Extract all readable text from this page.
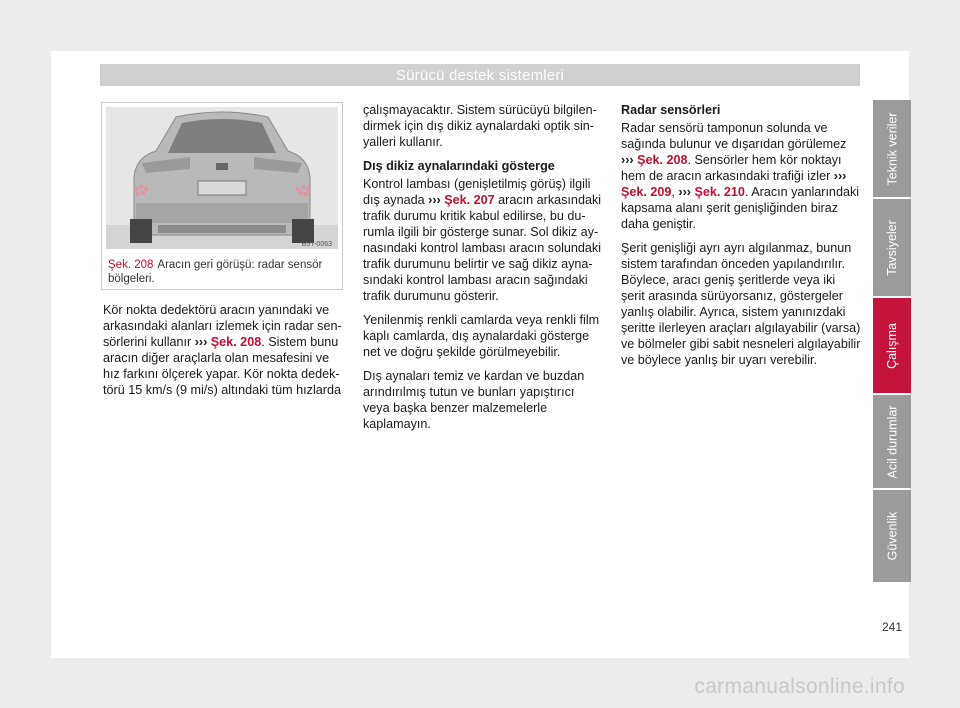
Sürücü destek sistemleri
B5T-0063
Şek. 208 Aracın geri görüşü: radar sensör bölgeleri.

Kör nokta dedektörü aracın yanındaki ve arkasındaki alanları izlemek için radar sensörlerini kullanır ››› Şek. 208. Sistem bunu aracın diğer araçlarla olan mesafesini ve hız farkını ölçerek yapar. Kör nokta dedektörü 15 km/s (9 mi/s) altındaki tüm hızlarda

çalışmayacaktır. Sistem sürücüyü bilgilendirmek için dış dikiz aynalardaki optik sinyalleri kullanır.

Dış dikiz aynalarındaki gösterge

Kontrol lambası (genişletilmiş görüş) ilgili dış aynada ››› Şek. 207 aracın arkasındaki trafik durumu kritik kabul edilirse, bu durumla ilgili bir gösterge sunar. Sol dikiz aynasındaki kontrol lambası aracın solundaki trafik durumunu belirtir ve sağ dikiz aynasındaki kontrol lambası aracın sağındaki trafik durumunu gösterir.

Yenilenmiş renkli camlarda veya renkli film kaplı camlarda, dış aynalardaki gösterge net ve doğru şekilde görülmeyebilir.

Dış aynaları temiz ve kardan ve buzdan arındırılmış tutun ve bunları yapıştırıcı veya başka benzer malzemelerle kaplamayın.

Radar sensörleri

Radar sensörü tamponun solunda ve sağında bulunur ve dışarıdan görülemez ››› Şek. 208. Sensörler hem kör noktayı hem de aracın arkasındaki trafiği izler ››› Şek. 209, ››› Şek. 210. Aracın yanlarındaki kapsama alanı şerit genişliğinden biraz daha geniştir.

Şerit genişliği ayrı ayrı algılanmaz, bunun sistem tarafından önceden yapılandırılır. Böylece, aracı geniş şeritlerde veya iki şerit arasında sürüyorsanız, göstergeler yanlış olabilir. Ayrıca, sistem yanınızdaki şeritte ilerleyen araçları algılayabilir (varsa) ve bölmeler gibi sabit nesneleri algılayabilir ve böylece yanlış bir uyarı verebilir.

Teknik veriler
Tavsiyeler
Çalışma
Acil durumlar
Güvenlik
241
carmanualsonline.info
